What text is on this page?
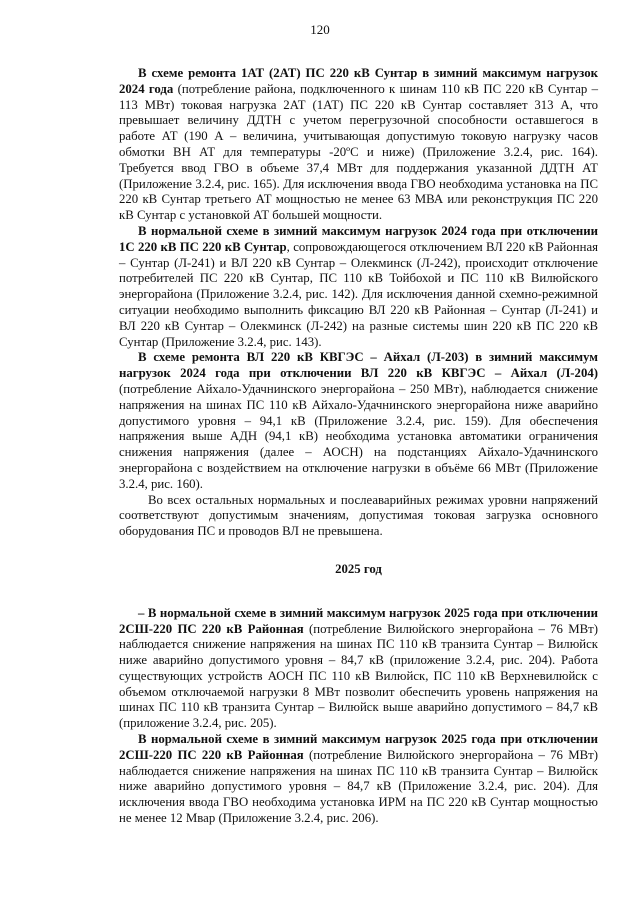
120

В схеме ремонта 1АТ (2АТ) ПС 220 кВ Сунтар в зимний максимум нагрузок 2024 года (потребление района, подключенного к шинам 110 кВ ПС 220 кВ Сунтар – 113 МВт) токовая нагрузка 2АТ (1АТ) ПС 220 кВ Сунтар составляет 313 А, что превышает величину ДДТН с учетом перегрузочной способности оставшегося в работе АТ (190 А – величина, учитывающая допустимую токовую нагрузку часов обмотки ВН АТ для температуры -20ºС и ниже) (Приложение 3.2.4, рис. 164). Требуется ввод ГВО в объеме 37,4 МВт для поддержания указанной ДДТН АТ (Приложение 3.2.4, рис. 165). Для исключения ввода ГВО необходима установка на ПС 220 кВ Сунтар третьего АТ мощностью не менее 63 МВА или реконструкция ПС 220 кВ Сунтар с установкой АТ большей мощности.

В нормальной схеме в зимний максимум нагрузок 2024 года при отключении 1С 220 кВ ПС 220 кВ Сунтар, сопровождающегося отключением ВЛ 220 кВ Районная – Сунтар (Л-241) и ВЛ 220 кВ Сунтар – Олекминск (Л-242), происходит отключение потребителей ПС 220 кВ Сунтар, ПС 110 кВ Тойбохой и ПС 110 кВ Вилюйского энергорайона (Приложение 3.2.4, рис. 142). Для исключения данной схемно-режимной ситуации необходимо выполнить фиксацию ВЛ 220 кВ Районная – Сунтар (Л-241) и ВЛ 220 кВ Сунтар – Олекминск (Л-242) на разные системы шин 220 кВ ПС 220 кВ Сунтар (Приложение 3.2.4, рис. 143).

В схеме ремонта ВЛ 220 кВ КВГЭС – Айхал (Л-203) в зимний максимум нагрузок 2024 года при отключении ВЛ 220 кВ КВГЭС – Айхал (Л-204) (потребление Айхало-Удачнинского энергорайона – 250 МВт), наблюдается снижение напряжения на шинах ПС 110 кВ Айхало-Удачнинского энергорайона ниже аварийно допустимого уровня – 94,1 кВ (Приложение 3.2.4, рис. 159). Для обеспечения напряжения выше АДН (94,1 кВ) необходима установка автоматики ограничения снижения напряжения (далее – АОСН) на подстанциях Айхало-Удачнинского энергорайона с воздействием на отключение нагрузки в объёме 66 МВт (Приложение 3.2.4, рис. 160).

Во всех остальных нормальных и послеаварийных режимах уровни напряжений соответствуют допустимым значениям, допустимая токовая загрузка основного оборудования ПС и проводов ВЛ не превышена.

2025 год

– В нормальной схеме в зимний максимум нагрузок 2025 года при отключении 2СШ-220 ПС 220 кВ Районная (потребление Вилюйского энергорайона – 76 МВт) наблюдается снижение напряжения на шинах ПС 110 кВ транзита Сунтар – Вилюйск ниже аварийно допустимого уровня – 84,7 кВ (приложение 3.2.4, рис. 204). Работа существующих устройств АОСН ПС 110 кВ Вилюйск, ПС 110 кВ Верхневилюйск с объемом отключаемой нагрузки 8 МВт позволит обеспечить уровень напряжения на шинах ПС 110 кВ транзита Сунтар – Вилюйск выше аварийно допустимого – 84,7 кВ (приложение 3.2.4, рис. 205).

В нормальной схеме в зимний максимум нагрузок 2025 года при отключении 2СШ-220 ПС 220 кВ Районная (потребление Вилюйского энергорайона – 76 МВт) наблюдается снижение напряжения на шинах ПС 110 кВ транзита Сунтар – Вилюйск ниже аварийно допустимого уровня – 84,7 кВ (Приложение 3.2.4, рис. 204). Для исключения ввода ГВО необходима установка ИРМ на ПС 220 кВ Сунтар мощностью не менее 12 Мвар (Приложение 3.2.4, рис. 206).
